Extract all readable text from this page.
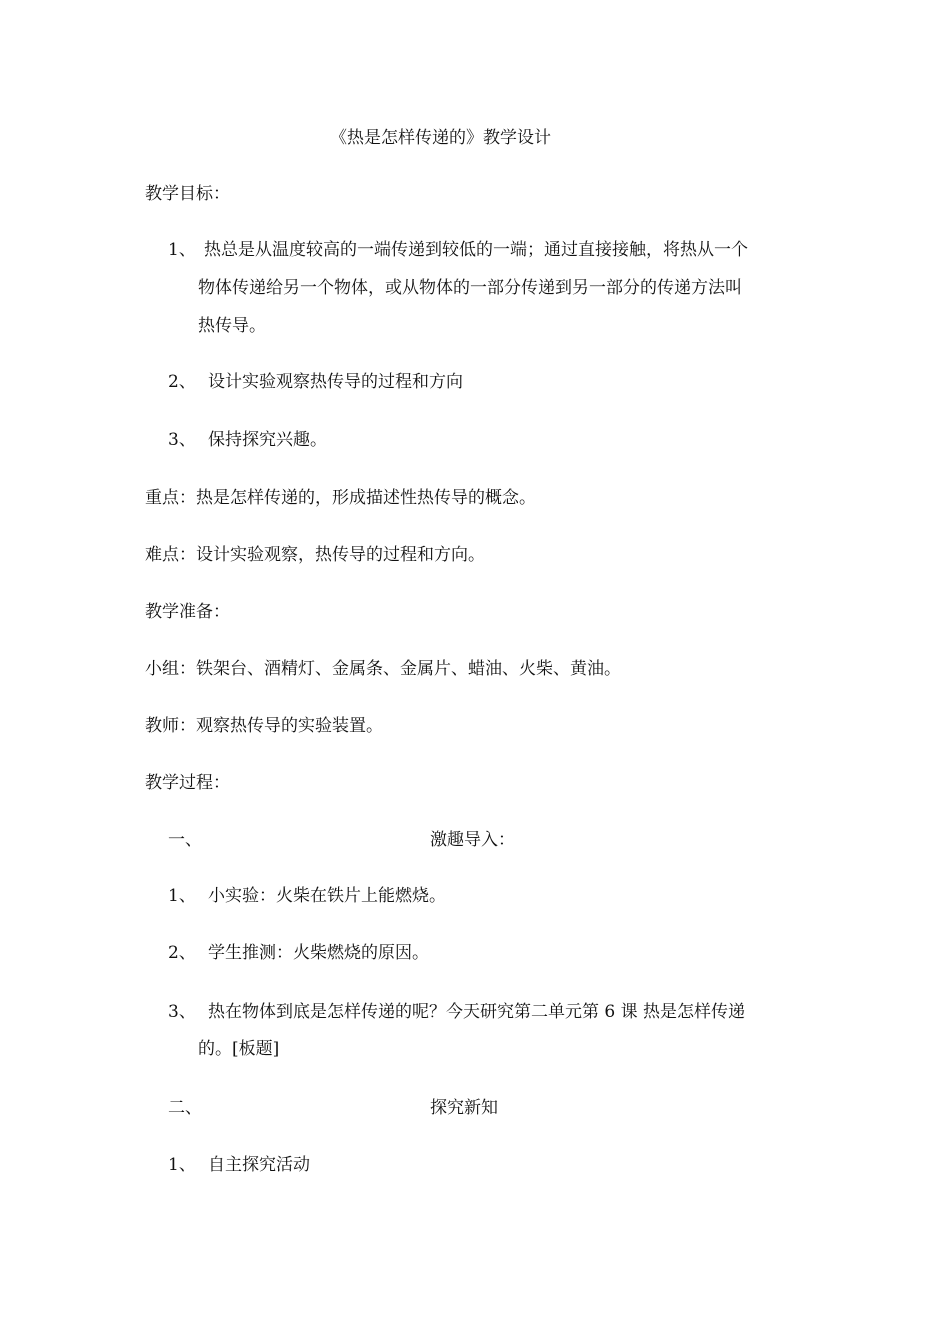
《热是怎样传递的》教学设计
教学目标：
1、 热总是从温度较高的一端传递到较低的一端；通过直接接触，将热从一个
物体传递给另一个物体，或从物体的一部分传递到另一部分的传递方法叫
热传导。
2、 设计实验观察热传导的过程和方向
3、 保持探究兴趣。
重点：热是怎样传递的，形成描述性热传导的概念。
难点：设计实验观察，热传导的过程和方向。
教学准备：
小组：铁架台、酒精灯、金属条、金属片、蜡油、火柴、黄油。
教师：观察热传导的实验装置。
教学过程：
一、	激趣导入：
1、 小实验：火柴在铁片上能燃烧。
2、 学生推测：火柴燃烧的原因。
3、 热在物体到底是怎样传递的呢？今天研究第二单元第 6 课 热是怎样传递
的。[板题]
二、	探究新知
1、 自主探究活动
